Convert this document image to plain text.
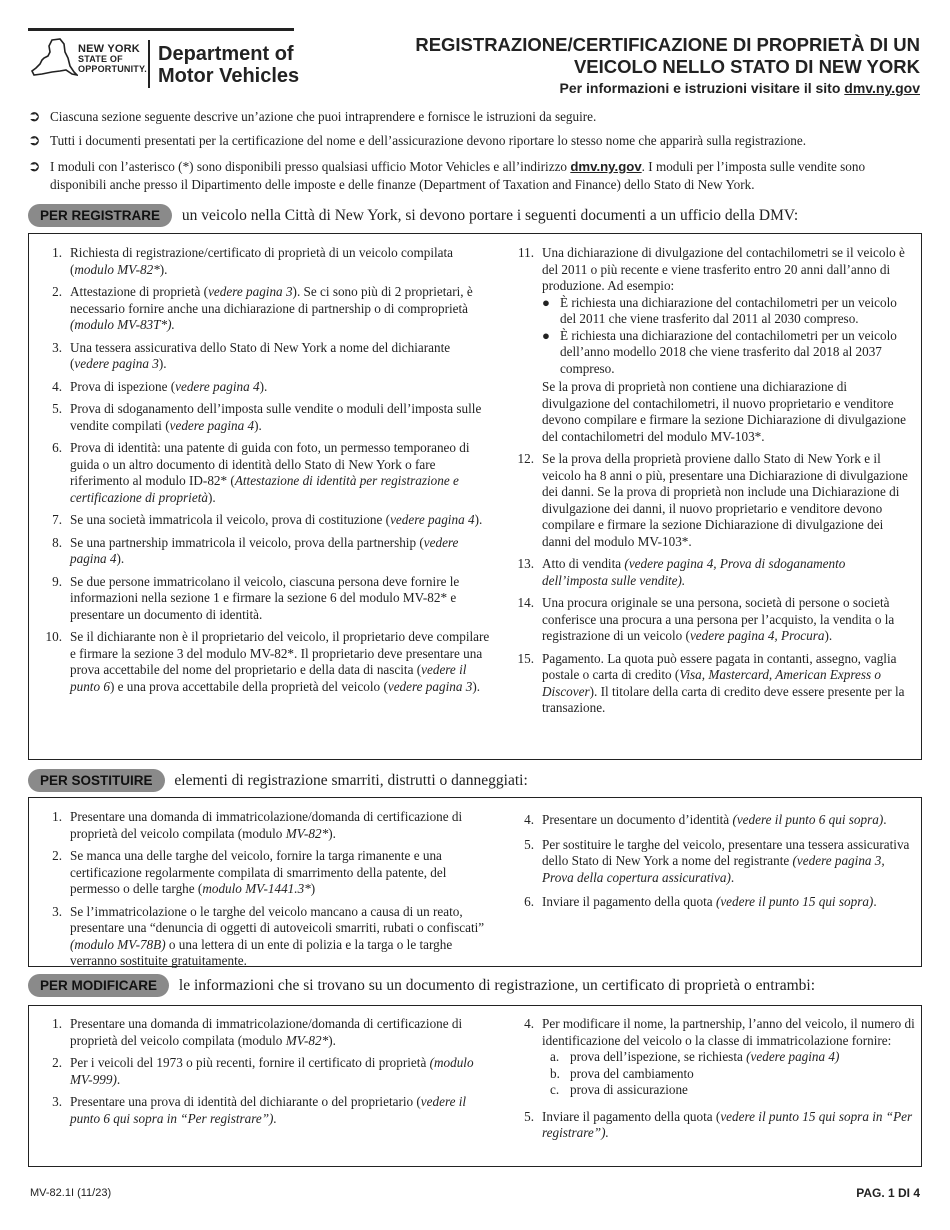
NEW YORK
STATE OF
OPPORTUNITY.
Department of
Motor Vehicles
REGISTRAZIONE/CERTIFICAZIONE DI PROPRIETÀ DI UN
VEICOLO NELLO STATO DI NEW YORK
Per informazioni e istruzioni visitare il sito dmv.ny.gov
➲ Ciascuna sezione seguente descrive un’azione che puoi intraprendere e fornisce le istruzioni da seguire.
➲ Tutti i documenti presentati per la certificazione del nome e dell’assicurazione devono riportare lo stesso nome che apparirà sulla registrazione.
➲ I moduli con l’asterisco (*) sono disponibili presso qualsiasi ufficio Motor Vehicles e all’indirizzo dmv.ny.gov. I moduli per l’imposta sulle vendite sono
disponibili anche presso il Dipartimento delle imposte e delle finanze (Department of Taxation and Finance) dello Stato di New York.
PER REGISTRARE un veicolo nella Città di New York, si devono portare i seguenti documenti a un ufficio della DMV:
1. Richiesta di registrazione/certificato di proprietà di un veicolo compilata (modulo MV-82*).
2. Attestazione di proprietà (vedere pagina 3). Se ci sono più di 2 proprietari, è necessario fornire anche una dichiarazione di partnership o di comproprietà (modulo MV-83T*).
3. Una tessera assicurativa dello Stato di New York a nome del dichiarante (vedere pagina 3).
4. Prova di ispezione (vedere pagina 4).
5. Prova di sdoganamento dell’imposta sulle vendite o moduli dell’imposta sulle vendite compilati (vedere pagina 4).
6. Prova di identità: una patente di guida con foto, un permesso temporaneo di guida o un altro documento di identità dello Stato di New York o fare riferimento al modulo ID-82* (Attestazione di identità per registrazione e certificazione di proprietà).
7. Se una società immatricola il veicolo, prova di costituzione (vedere pagina 4).
8. Se una partnership immatricola il veicolo, prova della partnership (vedere pagina 4).
9. Se due persone immatricolano il veicolo, ciascuna persona deve fornire le informazioni nella sezione 1 e firmare la sezione 6 del modulo MV-82* e presentare un documento di identità.
10. Se il dichiarante non è il proprietario del veicolo, il proprietario deve compilare e firmare la sezione 3 del modulo MV-82*. Il proprietario deve presentare una prova accettabile del nome del proprietario e della data di nascita (vedere il punto 6) e una prova accettabile della proprietà del veicolo (vedere pagina 3).
11. Una dichiarazione di divulgazione del contachilometri se il veicolo è del 2011 o più recente e viene trasferito entro 20 anni dall’anno di produzione. Ad esempio:
● È richiesta una dichiarazione del contachilometri per un veicolo del 2011 che viene trasferito dal 2011 al 2030 compreso.
● È richiesta una dichiarazione del contachilometri per un veicolo dell’anno modello 2018 che viene trasferito dal 2018 al 2037 compreso.
Se la prova di proprietà non contiene una dichiarazione di divulgazione del contachilometri, il nuovo proprietario e venditore devono compilare e firmare la sezione Dichiarazione di divulgazione del contachilometri del modulo MV-103*.
12. Se la prova della proprietà proviene dallo Stato di New York e il veicolo ha 8 anni o più, presentare una Dichiarazione di divulgazione dei danni. Se la prova di proprietà non include una Dichiarazione di divulgazione dei danni, il nuovo proprietario e venditore devono compilare e firmare la sezione Dichiarazione di divulgazione dei danni del modulo MV-103*.
13. Atto di vendita (vedere pagina 4, Prova di sdoganamento dell’imposta sulle vendite).
14. Una procura originale se una persona, società di persone o società conferisce una procura a una persona per l’acquisto, la vendita o la registrazione di un veicolo (vedere pagina 4, Procura).
15. Pagamento. La quota può essere pagata in contanti, assegno, vaglia postale o carta di credito (Visa, Mastercard, American Express o Discover). Il titolare della carta di credito deve essere presente per la transazione.
PER SOSTITUIRE elementi di registrazione smarriti, distrutti o danneggiati:
1. Presentare una domanda di immatricolazione/domanda di certificazione di proprietà del veicolo compilata (modulo MV-82*).
2. Se manca una delle targhe del veicolo, fornire la targa rimanente e una certificazione regolarmente compilata di smarrimento della patente, del permesso o delle targhe (modulo MV-1441.3*)
3. Se l’immatricolazione o le targhe del veicolo mancano a causa di un reato, presentare una “denuncia di oggetti di autoveicoli smarriti, rubati o confiscati” (modulo MV-78B) o una lettera di un ente di polizia e la targa o le targhe verranno sostituite gratuitamente.
4. Presentare un documento d’identità (vedere il punto 6 qui sopra).
5. Per sostituire le targhe del veicolo, presentare una tessera assicurativa dello Stato di New York a nome del registrante (vedere pagina 3, Prova della copertura assicurativa).
6. Inviare il pagamento della quota (vedere il punto 15 qui sopra).
PER MODIFICARE le informazioni che si trovano su un documento di registrazione, un certificato di proprietà o entrambi:
1. Presentare una domanda di immatricolazione/domanda di certificazione di proprietà del veicolo compilata (modulo MV-82*).
2. Per i veicoli del 1973 o più recenti, fornire il certificato di proprietà (modulo MV-999).
3. Presentare una prova di identità del dichiarante o del proprietario (vedere il punto 6 qui sopra in “Per registrare”).
4. Per modificare il nome, la partnership, l’anno del veicolo, il numero di identificazione del veicolo o la classe di immatricolazione fornire:
a. prova dell’ispezione, se richiesta (vedere pagina 4)
b. prova del cambiamento
c. prova di assicurazione
5. Inviare il pagamento della quota (vedere il punto 15 qui sopra in “Per registrare”).
MV-82.1I (11/23)	PAG. 1 DI 4
